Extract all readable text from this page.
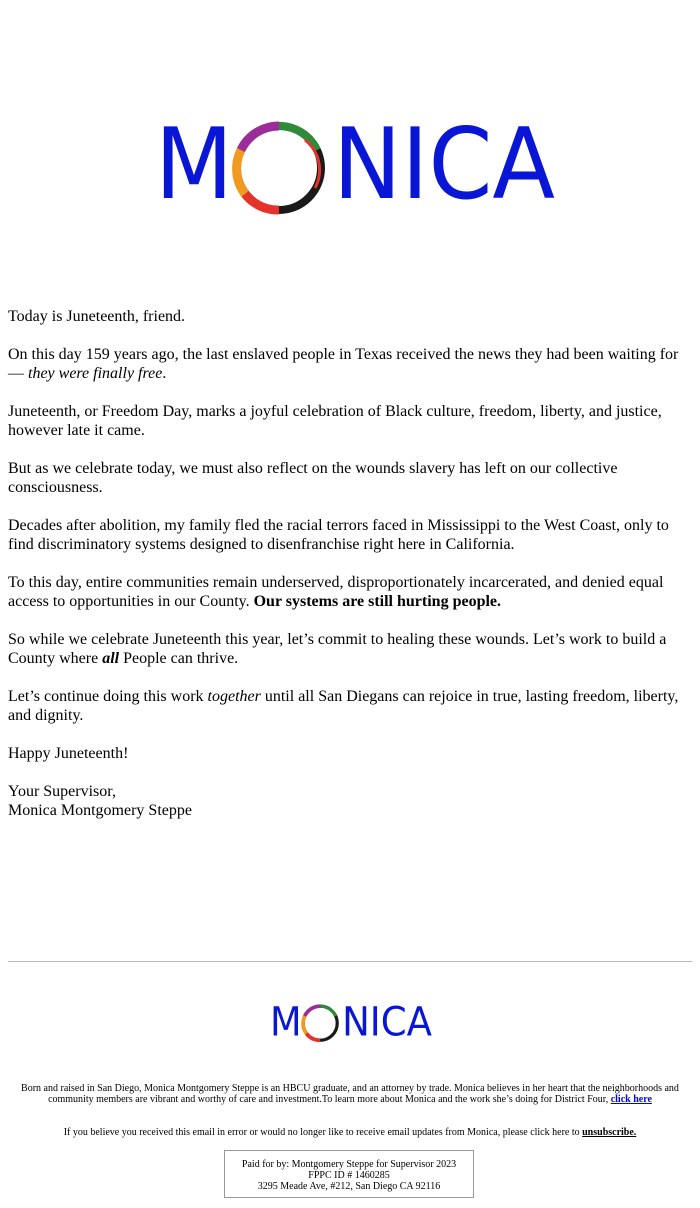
M NICA

Today is Juneteenth, friend.

On this day 159 years ago, the last enslaved people in Texas received the news they had been waiting for — they were finally free.

Juneteenth, or Freedom Day, marks a joyful celebration of Black culture, freedom, liberty, and justice, however late it came.

But as we celebrate today, we must also reflect on the wounds slavery has left on our collective consciousness.

Decades after abolition, my family fled the racial terrors faced in Mississippi to the West Coast, only to find discriminatory systems designed to disenfranchise right here in California.

To this day, entire communities remain underserved, disproportionately incarcerated, and denied equal access to opportunities in our County. Our systems are still hurting people.

So while we celebrate Juneteenth this year, let’s commit to healing these wounds. Let’s work to build a County where all People can thrive.

Let’s continue doing this work together until all San Diegans can rejoice in true, lasting freedom, liberty, and dignity.

Happy Juneteenth!

Your Supervisor,
Monica Montgomery Steppe

M NICA
Born and raised in San Diego, Monica Montgomery Steppe is an HBCU graduate, and an attorney by trade. Monica believes in her heart that the neighborhoods and community members are vibrant and worthy of care and investment.To learn more about Monica and the work she’s doing for District Four, click here
If you believe you received this email in error or would no longer like to receive email updates from Monica, please click here to unsubscribe.
Paid for by: Montgomery Steppe for Supervisor 2023
FPPC ID # 1460285
3295 Meade Ave, #212, San Diego CA 92116
